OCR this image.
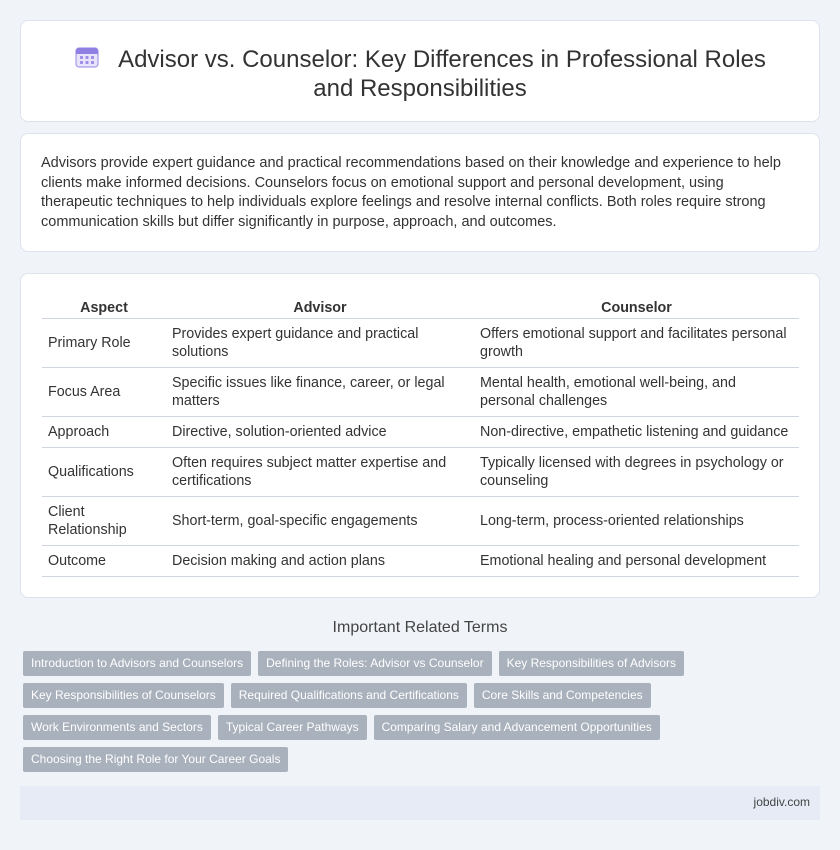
Advisor vs. Counselor: Key Differences in Professional Roles and Responsibilities

Advisors provide expert guidance and practical recommendations based on their knowledge and experience to help clients make informed decisions. Counselors focus on emotional support and personal development, using therapeutic techniques to help individuals explore feelings and resolve internal conflicts. Both roles require strong communication skills but differ significantly in purpose, approach, and outcomes.

Aspect	Advisor	Counselor
Primary Role	Provides expert guidance and practical solutions	Offers emotional support and facilitates personal growth
Focus Area	Specific issues like finance, career, or legal matters	Mental health, emotional well-being, and personal challenges
Approach	Directive, solution-oriented advice	Non-directive, empathetic listening and guidance
Qualifications	Often requires subject matter expertise and certifications	Typically licensed with degrees in psychology or counseling
Client Relationship	Short-term, goal-specific engagements	Long-term, process-oriented relationships
Outcome	Decision making and action plans	Emotional healing and personal development
Important Related Terms
Introduction to Advisors and Counselors	Defining the Roles: Advisor vs Counselor	Key Responsibilities of Advisors
Key Responsibilities of Counselors	Required Qualifications and Certifications	Core Skills and Competencies
Work Environments and Sectors	Typical Career Pathways	Comparing Salary and Advancement Opportunities
Choosing the Right Role for Your Career Goals
jobdiv.com
